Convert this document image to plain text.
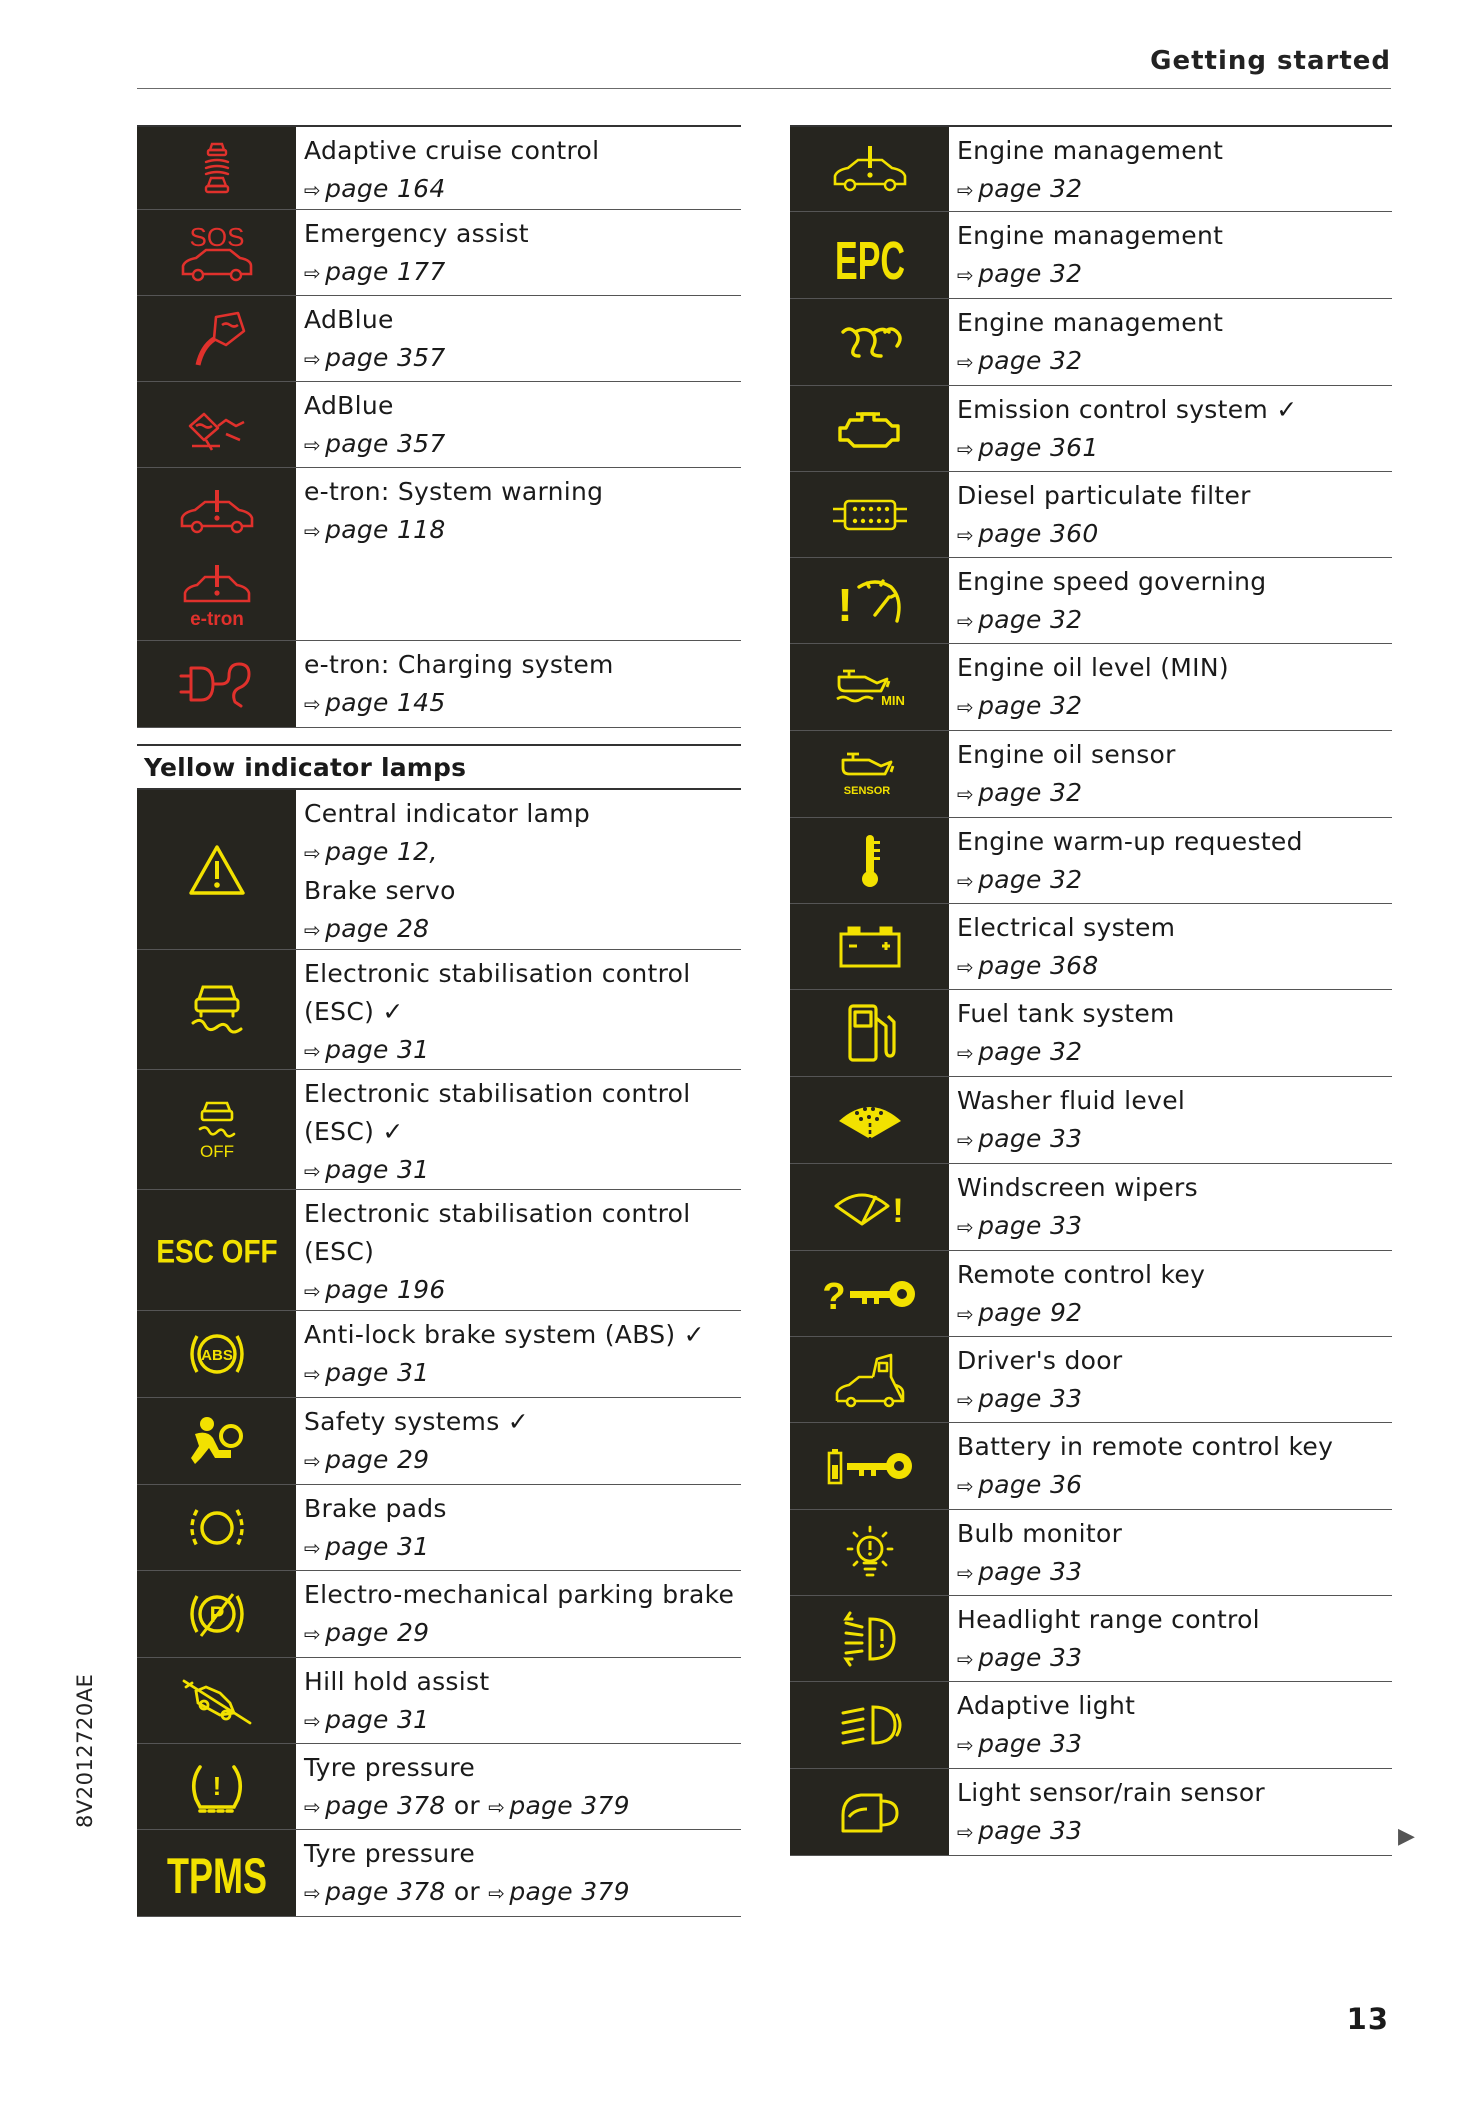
Getting started
Adaptive cruise control
⇨ page 164
SOS Emergency assist
⇨ page 177
AdBlue
⇨ page 357
AdBlue
⇨ page 357
e-tron: System warning
⇨ page 118
e-tron
e-tron: Charging system
⇨ page 145
Yellow indicator lamps
Central indicator lamp
⇨ page 12,
Brake servo
⇨ page 28
Electronic stabilisation control
(ESC) ✓
⇨ page 31
OFF
Electronic stabilisation control
(ESC) ✓
⇨ page 31
ESC OFF
Electronic stabilisation control
(ESC)
⇨ page 196
ABS
Anti-lock brake system (ABS) ✓
⇨ page 31
Safety systems ✓
⇨ page 29
Brake pads
⇨ page 31
P
Electro-mechanical parking brake
⇨ page 29
Hill hold assist
⇨ page 31
!
Tyre pressure
⇨ page 378 or ⇨ page 379
TPMS Tyre pressure
⇨ page 378 or ⇨ page 379
Engine management
⇨ page 32
EPC Engine management
⇨ page 32
Engine management
⇨ page 32
Emission control system ✓
⇨ page 361
Diesel particulate filter
⇨ page 360
!	Engine speed governing
⇨ page 32
MIN
Engine oil level (MIN)
⇨ page 32
SENSOR
Engine oil sensor
⇨ page 32
Engine warm-up requested
⇨ page 32
Electrical system
⇨ page 368
Fuel tank system
⇨ page 32
Washer fluid level
⇨ page 33
!
Windscreen wipers
⇨ page 33
?
Remote control key
⇨ page 92
Driver's door
⇨ page 33
Battery in remote control key
⇨ page 36
Bulb monitor
⇨ page 33
Headlight range control
⇨ page 33
Adaptive light
⇨ page 33
Light sensor/rain sensor
⇨ page 33	▶
8V2012720AE
13
